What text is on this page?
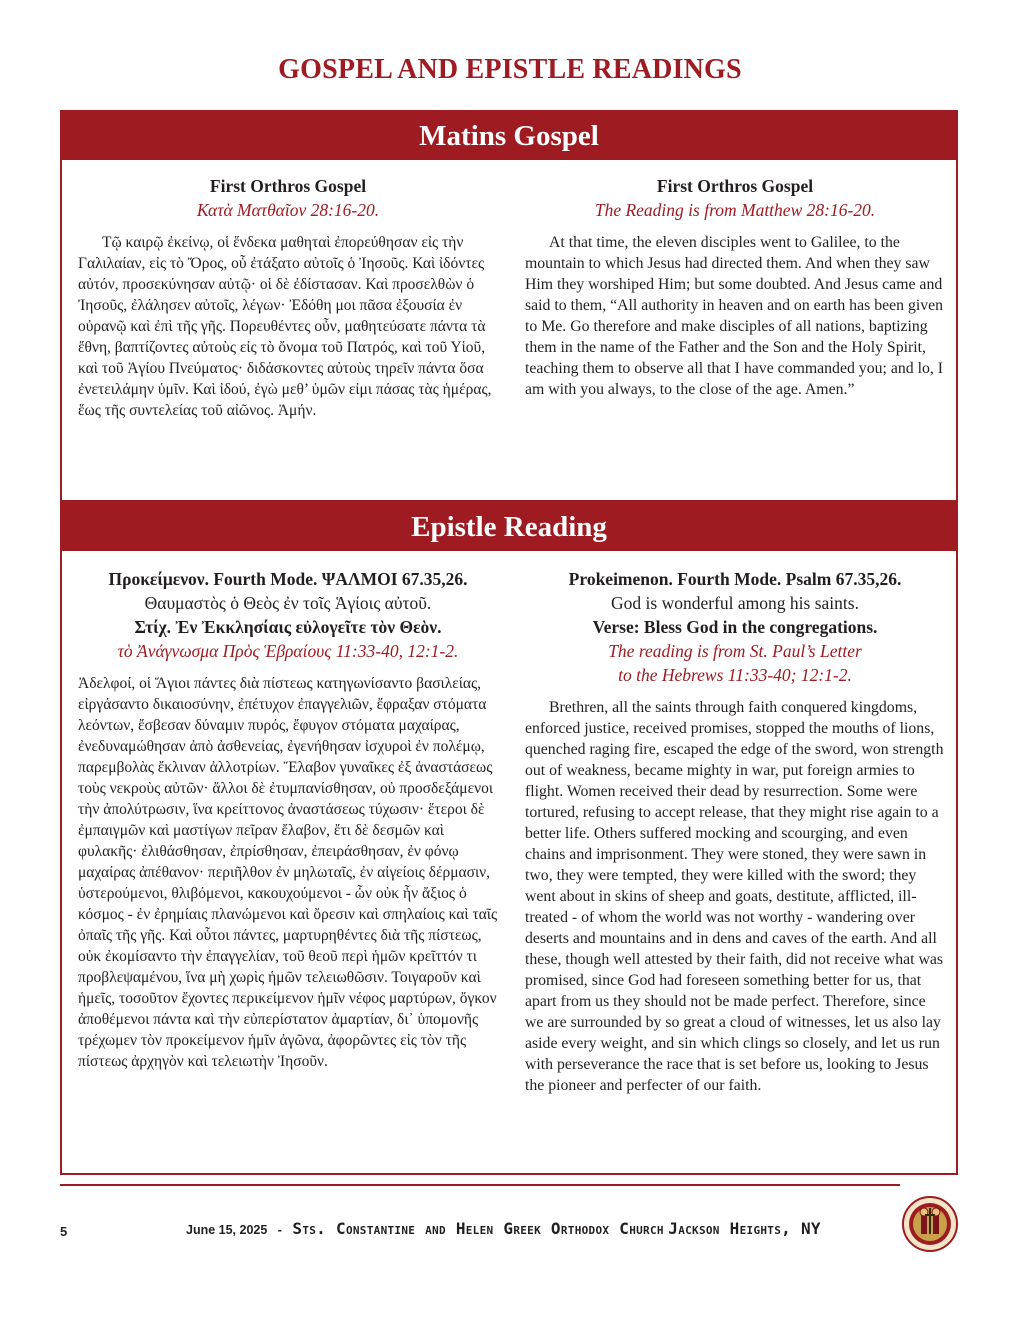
GOSPEL AND EPISTLE READINGS
Matins Gospel
First Orthros Gospel
Κατὰ Ματθαῖον 28:16-20.

Τῷ καιρῷ ἐκείνῳ, οἱ ἕνδεκα μαθηταὶ ἐπορεύθησαν εἰς τὴν Γαλιλαίαν, εἰς τὸ Ὄρος, οὗ ἐτάξατο αὐτοῖς ὁ Ἰησοῦς. Καὶ ἰδόντες αὐτόν, προσεκύνησαν αὐτῷ· οἱ δὲ ἐδίστασαν. Καὶ προσελθὼν ὁ Ἰησοῦς, ἐλάλησεν αὐτοῖς, λέγων· Ἐδόθη μοι πᾶσα ἐξουσία ἐν οὐρανῷ καὶ ἐπὶ τῆς γῆς. Πορευθέντες οὖν, μαθητεύσατε πάντα τὰ ἔθνη, βαπτίζοντες αὐτοὺς εἰς τὸ ὄνομα τοῦ Πατρός, καὶ τοῦ Υἱοῦ, καὶ τοῦ Ἁγίου Πνεύματος· διδάσκοντες αὐτοὺς τηρεῖν πάντα ὅσα ἐνετειλάμην ὑμῖν. Καὶ ἰδού, ἐγὼ μεθ’ ὑμῶν εἰμι πάσας τὰς ἡμέρας, ἕως τῆς συντελείας τοῦ αἰῶνος. Ἀμήν.

First Orthros Gospel
The Reading is from Matthew 28:16-20.

At that time, the eleven disciples went to Galilee, to the mountain to which Jesus had directed them. And when they saw Him they worshiped Him; but some doubted. And Jesus came and said to them, “All authority in heaven and on earth has been given to Me. Go therefore and make disciples of all nations, baptizing them in the name of the Father and the Son and the Holy Spirit, teaching them to observe all that I have commanded you; and lo, I am with you always, to the close of the age. Amen.”

Epistle Reading
Προκείμενον. Fourth Mode. ΨΑΛΜΟΙ 67.35,26.
Θαυμαστὸς ὁ Θεὸς ἐν τοῖς Ἁγίοις αὐτοῦ.
Στίχ. Ἐν Ἐκκλησίαις εὐλογεῖτε τὸν Θεὸν.
τὸ Ἀνάγνωσμα Πρὸς Ἑβραίους 11:33-40, 12:1-2.

Ἀδελφοί, οἱ Ἅγιοι πάντες διὰ πίστεως κατηγωνίσαντο βασιλείας, εἰργάσαντο δικαιοσύνην, ἐπέτυχον ἐπαγγελιῶν, ἔφραξαν στόματα λεόντων, ἔσβεσαν δύναμιν πυρός, ἔφυγον στόματα μαχαίρας, ἐνεδυναμώθησαν ἀπὸ ἀσθενείας, ἐγενήθησαν ἰσχυροὶ ἐν πολέμῳ, παρεμβολὰς ἔκλιναν ἀλλοτρίων. Ἔλαβον γυναῖκες ἐξ ἀναστάσεως τοὺς νεκροὺς αὐτῶν· ἄλλοι δὲ ἐτυμπανίσθησαν, οὐ προσδεξάμενοι τὴν ἀπολύτρωσιν, ἵνα κρείττονος ἀναστάσεως τύχωσιν· ἕτεροι δὲ ἐμπαιγμῶν καὶ μαστίγων πεῖραν ἔλαβον, ἔτι δὲ δεσμῶν καὶ φυλακῆς· ἐλιθάσθησαν, ἐπρίσθησαν, ἐπειράσθησαν, ἐν φόνῳ μαχαίρας ἀπέθανον· περιῆλθον ἐν μηλωταῖς, ἐν αἰγείοις δέρμασιν, ὑστερούμενοι, θλιβόμενοι, κακουχούμενοι - ὧν οὐκ ἦν ἄξιος ὁ κόσμος - ἐν ἐρημίαις πλανώμενοι καὶ ὄρεσιν καὶ σπηλαίοις καὶ ταῖς ὀπαῖς τῆς γῆς. Καὶ οὗτοι πάντες, μαρτυρηθέντες διὰ τῆς πίστεως, οὐκ ἐκομίσαντο τὴν ἐπαγγελίαν, τοῦ θεοῦ περὶ ἡμῶν κρεῖττόν τι προβλεψαμένου, ἵνα μὴ χωρὶς ἡμῶν τελειωθῶσιν. Τοιγαροῦν καὶ ἡμεῖς, τοσοῦτον ἔχοντες περικείμενον ἡμῖν νέφος μαρτύρων, ὄγκον ἀποθέμενοι πάντα καὶ τὴν εὐπερίστατον ἁμαρτίαν, δι᾿ ὑπομονῆς τρέχωμεν τὸν προκείμενον ἡμῖν ἀγῶνα, ἀφορῶντες εἰς τὸν τῆς πίστεως ἀρχηγὸν καὶ τελειωτὴν Ἰησοῦν.

Prokeimenon. Fourth Mode. Psalm 67.35,26.
God is wonderful among his saints.
Verse: Bless God in the congregations.
The reading is from St. Paul’s Letter
to the Hebrews 11:33-40; 12:1-2.

Brethren, all the saints through faith conquered kingdoms, enforced justice, received promises, stopped the mouths of lions, quenched raging fire, escaped the edge of the sword, won strength out of weakness, became mighty in war, put foreign armies to flight. Women received their dead by resurrection. Some were tortured, refusing to accept release, that they might rise again to a better life. Others suffered mocking and scourging, and even chains and imprisonment. They were stoned, they were sawn in two, they were tempted, they were killed with the sword; they went about in skins of sheep and goats, destitute, afflicted, ill-treated - of whom the world was not worthy - wandering over deserts and mountains and in dens and caves of the earth. And all these, though well attested by their faith, did not receive what was promised, since God had foreseen something better for us, that apart from us they should not be made perfect. Therefore, since we are surrounded by so great a cloud of witnesses, let us also lay aside every weight, and sin which clings so closely, and let us run with perseverance the race that is set before us, looking to Jesus the pioneer and perfecter of our faith.

5	June 15, 2025 - Sts. Constantine and Helen Greek Orthodox Church Jackson Heights, NY
